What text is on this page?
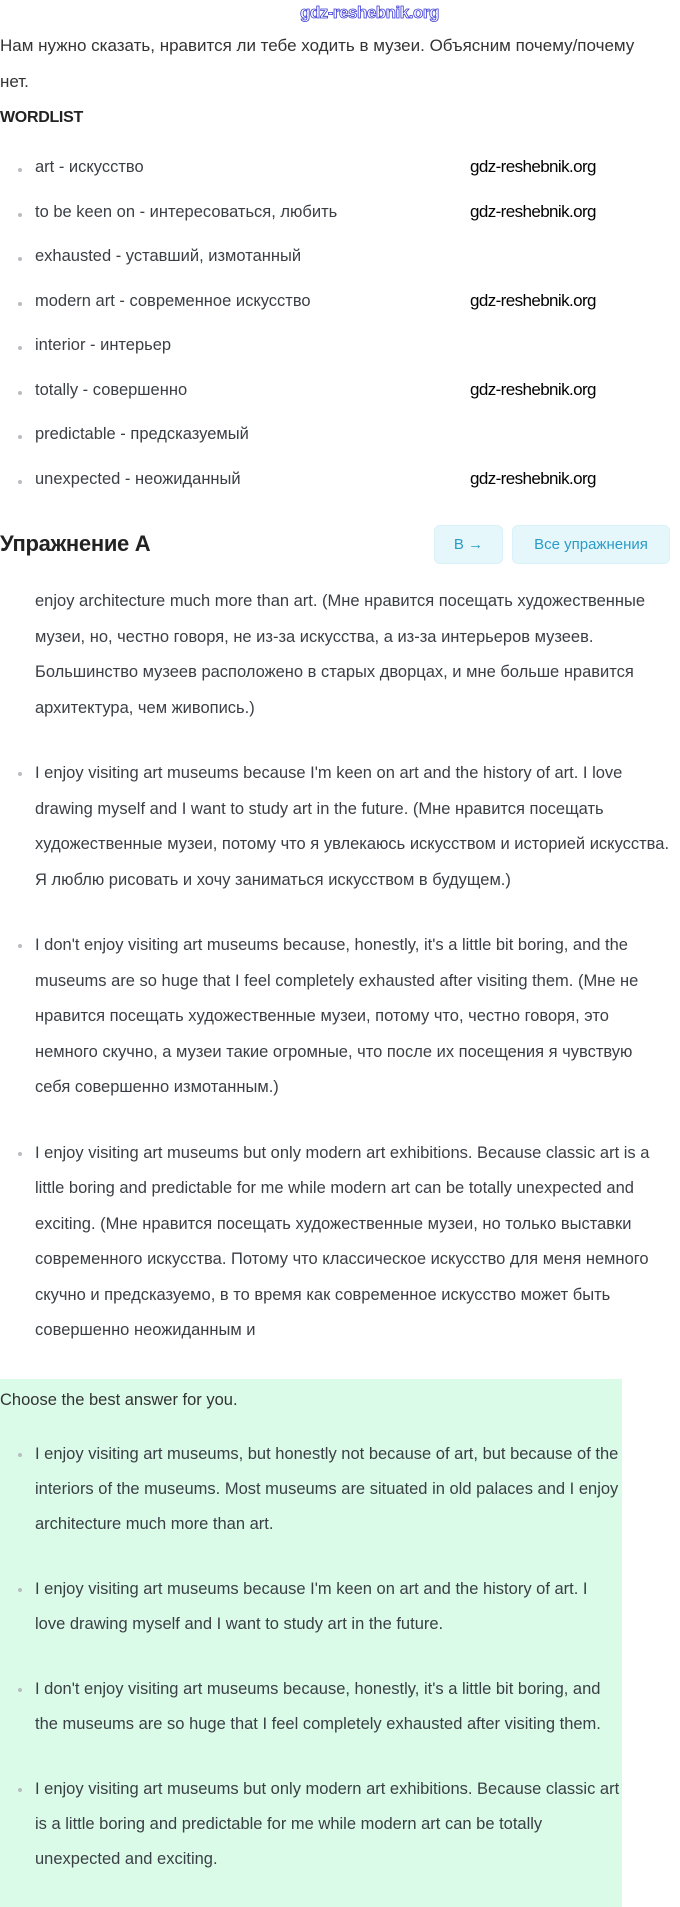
gdz-reshebnik.org

Нам нужно сказать, нравится ли тебе ходить в музеи. Объясним почему/почему нет.

WORDLIST
art - искусство	gdz-reshebnik.org
to be keen on - интересоваться, любить	gdz-reshebnik.org
exhausted - уставший, измотанный
modern art - современное искусство	gdz-reshebnik.org
interior - интерьер
totally - совершенно	gdz-reshebnik.org
predictable - предсказуемый
unexpected - неожиданный	gdz-reshebnik.org
Упражнение A	B →	Все упражнения
enjoy architecture much more than art. (Мне нравится посещать художественные музеи, но, честно говоря, не из-за искусства, а из-за интерьеров музеев. Большинство музеев расположено в старых дворцах, и мне больше нравится архитектура, чем живопись.)
I enjoy visiting art museums because I'm keen on art and the history of art. I love drawing myself and I want to study art in the future. (Мне нравится посещать художественные музеи, потому что я увлекаюсь искусством и историей искусства. Я люблю рисовать и хочу заниматься искусством в будущем.)
I don't enjoy visiting art museums because, honestly, it's a little bit boring, and the museums are so huge that I feel completely exhausted after visiting them. (Мне не нравится посещать художественные музеи, потому что, честно говоря, это немного скучно, а музеи такие огромные, что после их посещения я чувствую себя совершенно измотанным.)
I enjoy visiting art museums but only modern art exhibitions. Because classic art is a little boring and predictable for me while modern art can be totally unexpected and exciting. (Мне нравится посещать художественные музеи, но только выставки современного искусства. Потому что классическое искусство для меня немного скучно и предсказуемо, в то время как современное искусство может быть совершенно неожиданным и
Choose the best answer for you.
I enjoy visiting art museums, but honestly not because of art, but because of the interiors of the museums. Most museums are situated in old palaces and I enjoy architecture much more than art.
I enjoy visiting art museums because I'm keen on art and the history of art. I love drawing myself and I want to study art in the future.
I don't enjoy visiting art museums because, honestly, it's a little bit boring, and the museums are so huge that I feel completely exhausted after visiting them.
I enjoy visiting art museums but only modern art exhibitions. Because classic art is a little boring and predictable for me while modern art can be totally unexpected and exciting.
